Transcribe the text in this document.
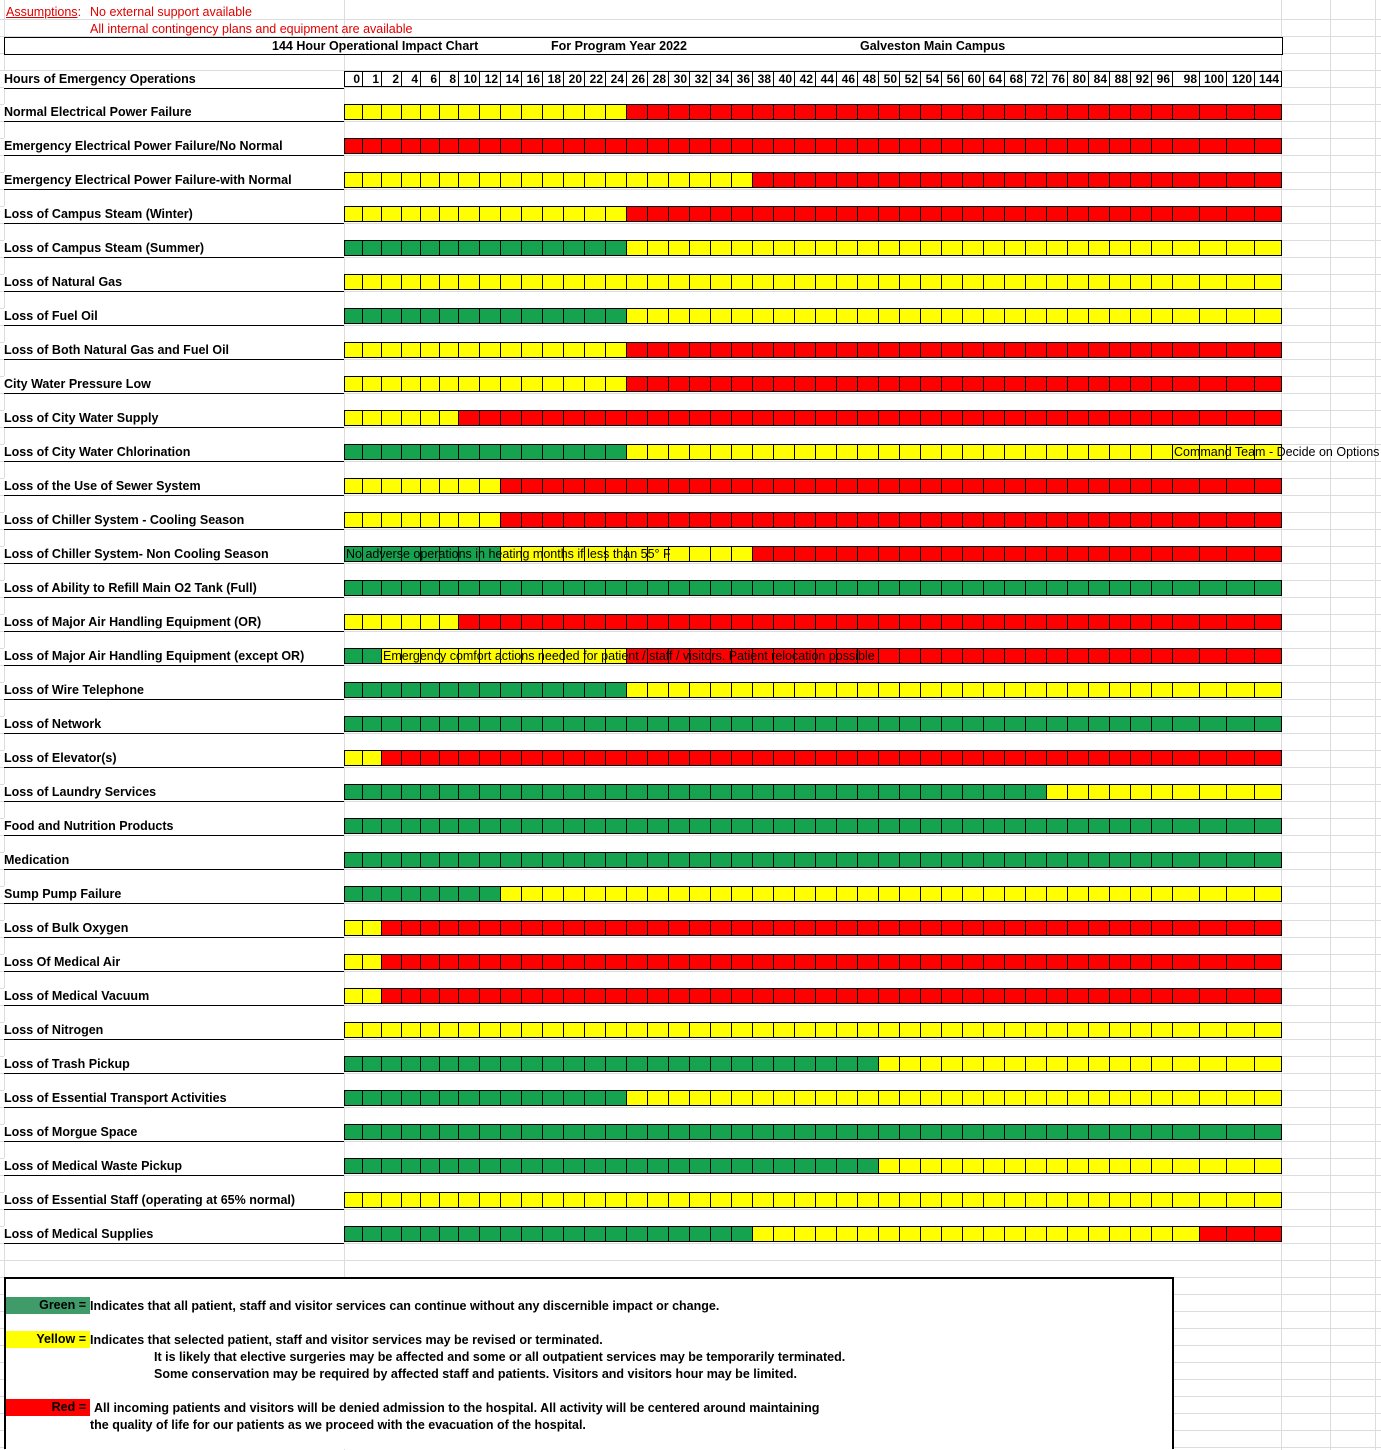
Assumptions: No external support available
All internal contingency plans and equipment are available
144 Hour Operational Impact Chart	For Program Year 2022	Galveston Main Campus
Hours of Emergency Operations	0	1	2	4	6	8 10 12 14 16 18 20 22 24 26 28 30 32 34 36 38 40 42 44 46 48 50 52 54 56 60 64 68 72 76 80 84 88 92 96	98 100 120 144
Normal Electrical Power Failure
Emergency Electrical Power Failure/No Normal
Emergency Electrical Power Failure-with Normal
Loss of Campus Steam (Winter)
Loss of Campus Steam (Summer)
Loss of Natural Gas
Loss of Fuel Oil
Loss of Both Natural Gas and Fuel Oil
City Water Pressure Low
Loss of City Water Supply
Loss of City Water Chlorination	Command Team - Decide on Options
Loss of the Use of Sewer System
Loss of Chiller System - Cooling Season
Loss of Chiller System- Non Cooling Season	No adverse operations in heating months if less than 55° F
Loss of Ability to Refill Main O2 Tank (Full)
Loss of Major Air Handling Equipment (OR)
Loss of Major Air Handling Equipment (except OR)	Emergency comfort actions needed for patient / staff / visitors. Patient relocation possible
Loss of Wire Telephone
Loss of Network
Loss of Elevator(s)
Loss of Laundry Services
Food and Nutrition Products
Medication
Sump Pump Failure
Loss of Bulk Oxygen
Loss Of Medical Air
Loss of Medical Vacuum
Loss of Nitrogen
Loss of Trash Pickup
Loss of Essential Transport Activities
Loss of Morgue Space
Loss of Medical Waste Pickup
Loss of Essential Staff (operating at 65% normal)
Loss of Medical Supplies
Green = Indicates that all patient, staff and visitor services can continue without any discernible impact or change.
Yellow = Indicates that selected patient, staff and visitor services may be revised or terminated.
It is likely that elective surgeries may be affected and some or all outpatient services may be temporarily terminated.
Some conservation may be required by affected staff and patients. Visitors and visitors hour may be limited.
Red = All incoming patients and visitors will be denied admission to the hospital. All activity will be centered around maintaining
the quality of life for our patients as we proceed with the evacuation of the hospital.
